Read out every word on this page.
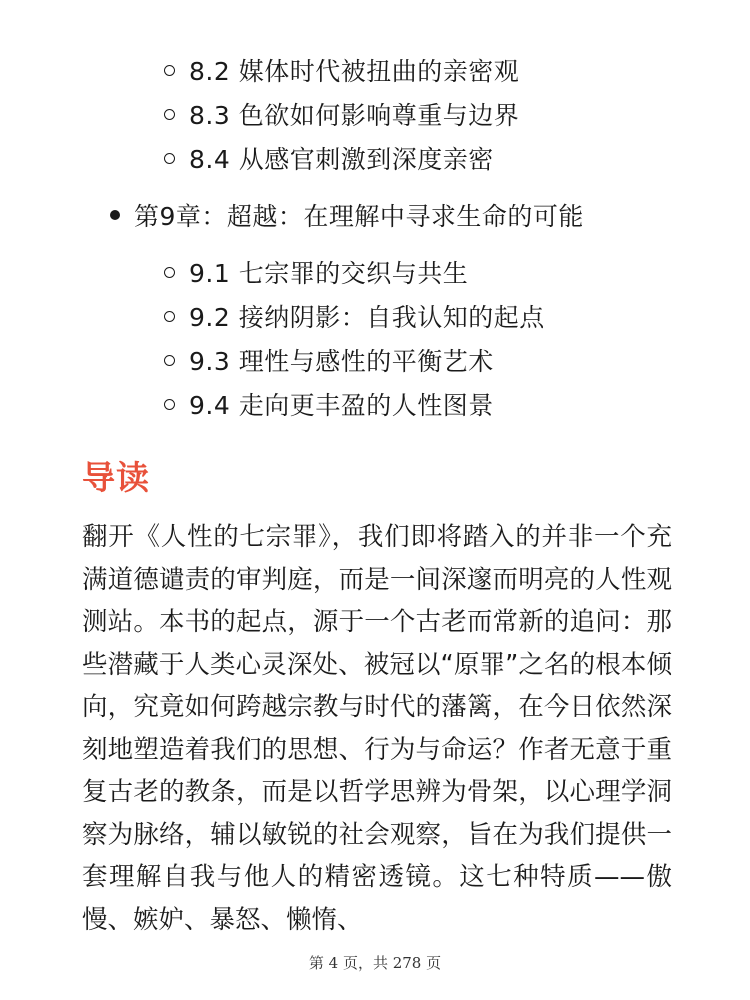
8.2 媒体时代被扭曲的亲密观
8.3 色欲如何影响尊重与边界
8.4 从感官刺激到深度亲密
第9章：超越：在理解中寻求生命的可能
9.1 七宗罪的交织与共生
9.2 接纳阴影：自我认知的起点
9.3 理性与感性的平衡艺术
9.4 走向更丰盈的人性图景
导读

翻开《人性的七宗罪》，我们即将踏入的并非一个充满道德谴责的审判庭，而是一间深邃而明亮的人性观测站。本书的起点，源于一个古老而常新的追问：那些潜藏于人类心灵深处、被冠以“原罪”之名的根本倾向，究竟如何跨越宗教与时代的藩篱，在今日依然深刻地塑造着我们的思想、行为与命运？作者无意于重复古老的教条，而是以哲学思辨为骨架，以心理学洞察为脉络，辅以敏锐的社会观察，旨在为我们提供一套理解自我与他人的精密透镜。这七种特质——傲慢、嫉妒、暴怒、懒惰、

第 4 页，共 278 页
